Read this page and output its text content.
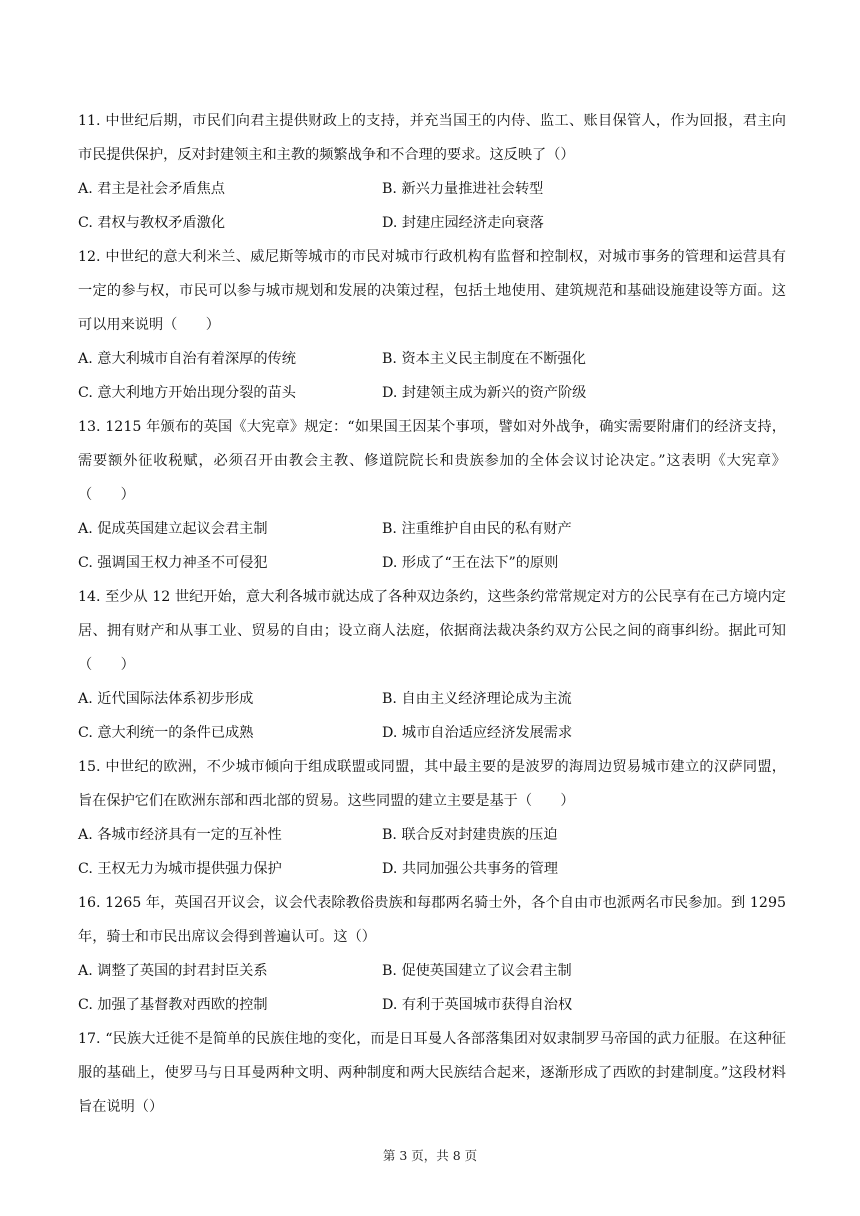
11. 中世纪后期，市民们向君主提供财政上的支持，并充当国王的内侍、监工、账目保管人，作为回报，君主向市民提供保护，反对封建领主和主教的频繁战争和不合理的要求。这反映了（）

A. 君主是社会矛盾焦点	B. 新兴力量推进社会转型
C. 君权与教权矛盾激化	D. 封建庄园经济走向衰落

12. 中世纪的意大利米兰、威尼斯等城市的市民对城市行政机构有监督和控制权，对城市事务的管理和运营具有一定的参与权，市民可以参与城市规划和发展的决策过程，包括土地使用、建筑规范和基础设施建设等方面。这可以用来说明（　　）

A. 意大利城市自治有着深厚的传统	B. 资本主义民主制度在不断强化
C. 意大利地方开始出现分裂的苗头	D. 封建领主成为新兴的资产阶级

13. 1215 年颁布的英国《大宪章》规定：“如果国王因某个事项，譬如对外战争，确实需要附庸们的经济支持，需要额外征收税赋，必须召开由教会主教、修道院院长和贵族参加的全体会议讨论决定。”这表明《大宪章》（　　）

A. 促成英国建立起议会君主制	B. 注重维护自由民的私有财产
C. 强调国王权力神圣不可侵犯	D. 形成了“王在法下”的原则

14. 至少从 12 世纪开始，意大利各城市就达成了各种双边条约，这些条约常常规定对方的公民享有在己方境内定居、拥有财产和从事工业、贸易的自由；设立商人法庭，依据商法裁决条约双方公民之间的商事纠纷。据此可知（　　）

A. 近代国际法体系初步形成	B. 自由主义经济理论成为主流
C. 意大利统一的条件已成熟	D. 城市自治适应经济发展需求

15. 中世纪的欧洲，不少城市倾向于组成联盟或同盟，其中最主要的是波罗的海周边贸易城市建立的汉萨同盟，旨在保护它们在欧洲东部和西北部的贸易。这些同盟的建立主要是基于（　　）

A. 各城市经济具有一定的互补性	B. 联合反对封建贵族的压迫
C. 王权无力为城市提供强力保护	D. 共同加强公共事务的管理

16. 1265 年，英国召开议会，议会代表除教俗贵族和每郡两名骑士外，各个自由市也派两名市民参加。到 1295 年，骑士和市民出席议会得到普遍认可。这（）

A. 调整了英国的封君封臣关系	B. 促使英国建立了议会君主制
C. 加强了基督教对西欧的控制	D. 有利于英国城市获得自治权

17. “民族大迁徙不是简单的民族住地的变化，而是日耳曼人各部落集团对奴隶制罗马帝国的武力征服。在这种征服的基础上，使罗马与日耳曼两种文明、两种制度和两大民族结合起来，逐渐形成了西欧的封建制度。”这段材料旨在说明（）

第 3 页，共 8 页
